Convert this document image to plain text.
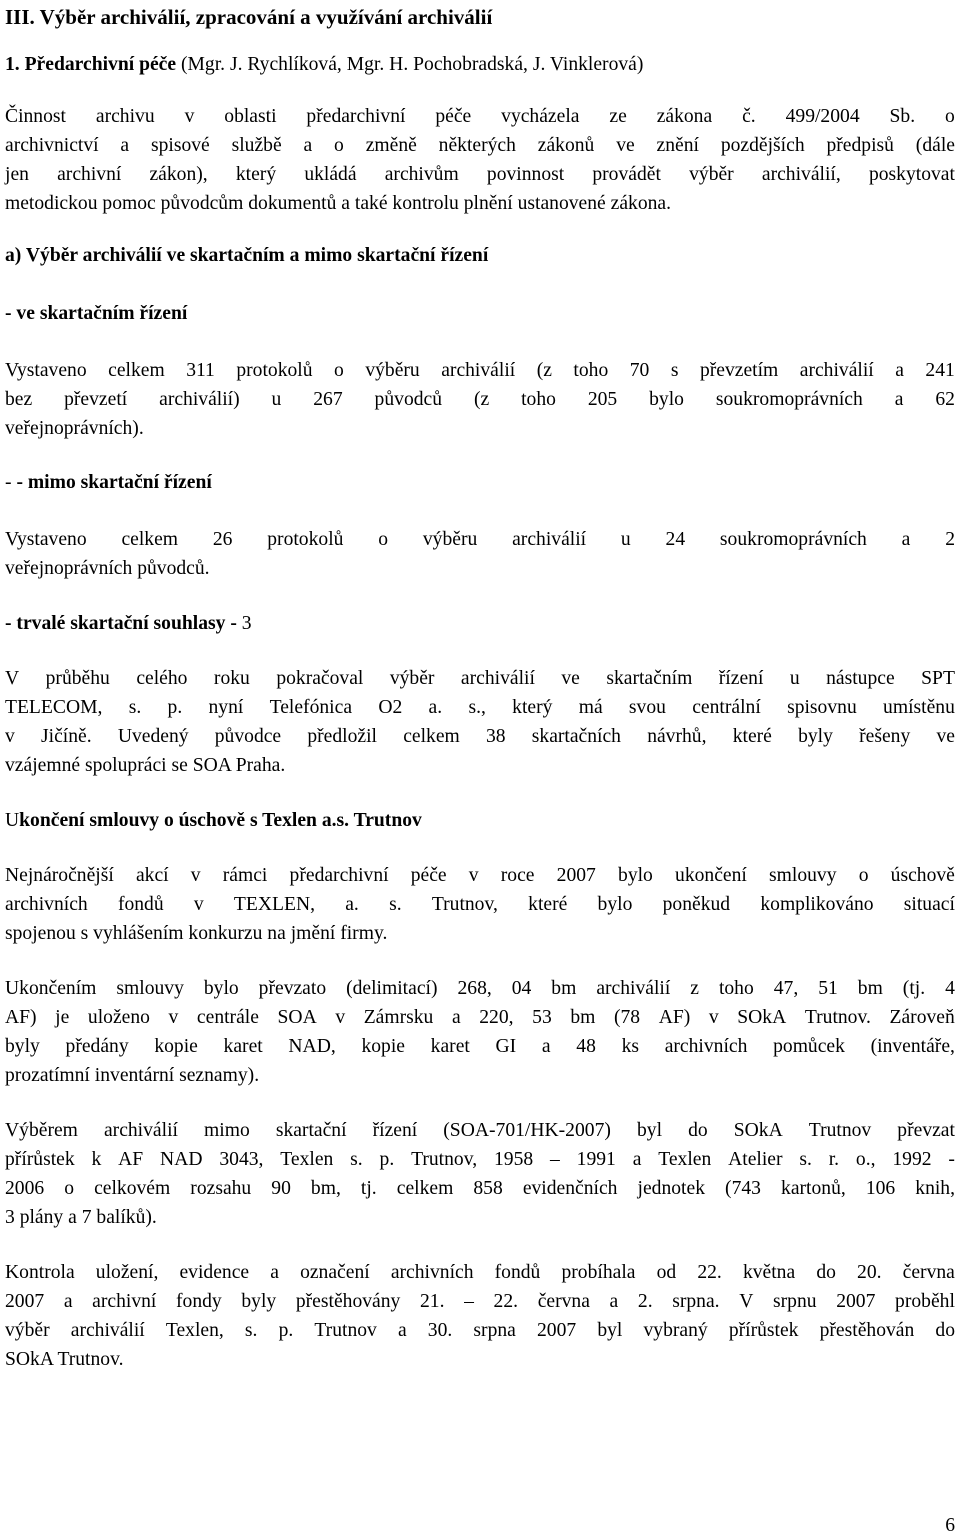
III. Výběr archiválií, zpracování a využívání archiválií
1. Předarchivní péče (Mgr. J. Rychlíková, Mgr. H. Pochobradská, J. Vinklerová)
Činnost archivu v oblasti předarchivní péče vycházela ze zákona č. 499/2004 Sb. o
archivnictví a spisové službě a o změně některých zákonů ve znění pozdějších předpisů (dále
jen archivní zákon), který ukládá archivům povinnost provádět výběr archiválií, poskytovat
metodickou pomoc původcům dokumentů a také kontrolu plnění ustanovené zákona.
a) Výběr archiválií ve skartačním a mimo skartační řízení
- ve skartačním řízení
Vystaveno celkem 311 protokolů o výběru archiválií (z toho 70 s převzetím archiválií a 241
bez převzetí archiválií) u 267 původců (z toho 205 bylo soukromoprávních a 62
veřejnoprávních).
- - mimo skartační řízení
Vystaveno celkem 26 protokolů o výběru archiválií u 24 soukromoprávních a 2
veřejnoprávních původců.
- trvalé skartační souhlasy - 3
V průběhu celého roku pokračoval výběr archiválií ve skartačním řízení u nástupce SPT
TELECOM, s. p. nyní Telefónica O2 a. s., který má svou centrální spisovnu umístěnu
v Jičíně. Uvedený původce předložil celkem 38 skartačních návrhů, které byly řešeny ve
vzájemné spolupráci se SOA Praha.
Ukončení smlouvy o úschově s Texlen a.s. Trutnov
Nejnáročnější akcí v rámci předarchivní péče v roce 2007 bylo ukončení smlouvy o úschově
archivních fondů v TEXLEN, a. s. Trutnov, které bylo poněkud komplikováno situací
spojenou s vyhlášením konkurzu na jmění firmy.
Ukončením smlouvy bylo převzato (delimitací) 268, 04 bm archiválií z toho 47, 51 bm (tj. 4
AF) je uloženo v centrále SOA v Zámrsku a 220, 53 bm (78 AF) v SOkA Trutnov. Zároveň
byly předány kopie karet NAD, kopie karet GI a 48 ks archivních pomůcek (inventáře,
prozatímní inventární seznamy).
Výběrem archiválií mimo skartační řízení (SOA-701/HK-2007) byl do SOkA Trutnov převzat
přírůstek k AF NAD 3043, Texlen s. p. Trutnov, 1958 – 1991 a Texlen Atelier s. r. o., 1992 -
2006 o celkovém rozsahu 90 bm, tj. celkem 858 evidenčních jednotek (743 kartonů, 106 knih,
3 plány a 7 balíků).
Kontrola uložení, evidence a označení archivních fondů probíhala od 22. května do 20. června
2007 a archivní fondy byly přestěhovány 21. – 22. června a 2. srpna. V srpnu 2007 proběhl
výběr archiválií Texlen, s. p. Trutnov a 30. srpna 2007 byl vybraný přírůstek přestěhován do
SOkA Trutnov.
6
